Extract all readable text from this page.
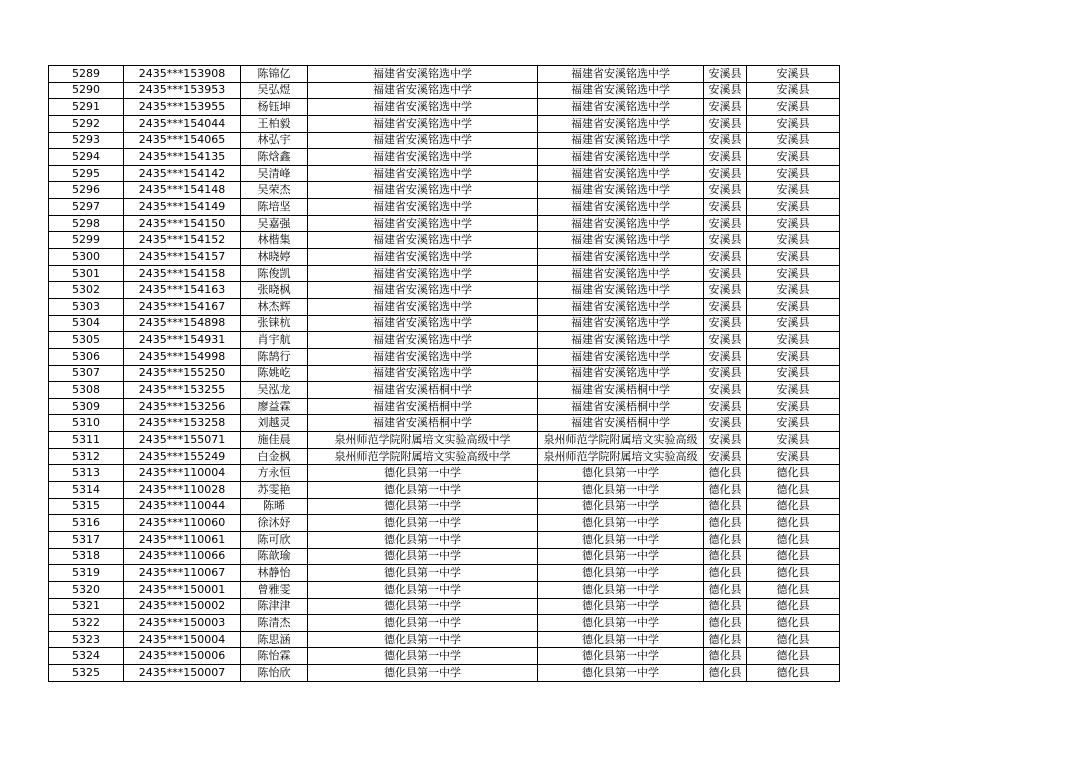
5289	2435***153908	陈锦亿	福建省安溪铭选中学	福建省安溪铭选中学	安溪县	安溪县
5290	2435***153953	吴弘煜	福建省安溪铭选中学	福建省安溪铭选中学	安溪县	安溪县
5291	2435***153955	杨钰坤	福建省安溪铭选中学	福建省安溪铭选中学	安溪县	安溪县
5292	2435***154044	王柏毅	福建省安溪铭选中学	福建省安溪铭选中学	安溪县	安溪县
5293	2435***154065	林弘宇	福建省安溪铭选中学	福建省安溪铭选中学	安溪县	安溪县
5294	2435***154135	陈焓鑫	福建省安溪铭选中学	福建省安溪铭选中学	安溪县	安溪县
5295	2435***154142	吴清峰	福建省安溪铭选中学	福建省安溪铭选中学	安溪县	安溪县
5296	2435***154148	吴荣杰	福建省安溪铭选中学	福建省安溪铭选中学	安溪县	安溪县
5297	2435***154149	陈培坚	福建省安溪铭选中学	福建省安溪铭选中学	安溪县	安溪县
5298	2435***154150	吴嘉强	福建省安溪铭选中学	福建省安溪铭选中学	安溪县	安溪县
5299	2435***154152	林楷集	福建省安溪铭选中学	福建省安溪铭选中学	安溪县	安溪县
5300	2435***154157	林晓婷	福建省安溪铭选中学	福建省安溪铭选中学	安溪县	安溪县
5301	2435***154158	陈俊凯	福建省安溪铭选中学	福建省安溪铭选中学	安溪县	安溪县
5302	2435***154163	张晓枫	福建省安溪铭选中学	福建省安溪铭选中学	安溪县	安溪县
5303	2435***154167	林杰辉	福建省安溪铭选中学	福建省安溪铭选中学	安溪县	安溪县
5304	2435***154898	张铼杭	福建省安溪铭选中学	福建省安溪铭选中学	安溪县	安溪县
5305	2435***154931	肖宇航	福建省安溪铭选中学	福建省安溪铭选中学	安溪县	安溪县
5306	2435***154998	陈鹄行	福建省安溪铭选中学	福建省安溪铭选中学	安溪县	安溪县
5307	2435***155250	陈姚屹	福建省安溪铭选中学	福建省安溪铭选中学	安溪县	安溪县
5308	2435***153255	吴泓龙	福建省安溪梧桐中学	福建省安溪梧桐中学	安溪县	安溪县
5309	2435***153256	廖益霖	福建省安溪梧桐中学	福建省安溪梧桐中学	安溪县	安溪县
5310	2435***153258	刘越灵	福建省安溪梧桐中学	福建省安溪梧桐中学	安溪县	安溪县
5311	2435***155071	施佳晨	泉州师范学院附属培文实验高级中学	泉州师范学院附属培文实验高级	安溪县	安溪县
5312	2435***155249	白金枫	泉州师范学院附属培文实验高级中学	泉州师范学院附属培文实验高级	安溪县	安溪县
5313	2435***110004	方永恒	德化县第一中学	德化县第一中学	德化县	德化县
5314	2435***110028	苏雯艳	德化县第一中学	德化县第一中学	德化县	德化县
5315	2435***110044	陈晞	德化县第一中学	德化县第一中学	德化县	德化县
5316	2435***110060	徐沐妤	德化县第一中学	德化县第一中学	德化县	德化县
5317	2435***110061	陈可欣	德化县第一中学	德化县第一中学	德化县	德化县
5318	2435***110066	陈歆瑜	德化县第一中学	德化县第一中学	德化县	德化县
5319	2435***110067	林静怡	德化县第一中学	德化县第一中学	德化县	德化县
5320	2435***150001	曾雅雯	德化县第一中学	德化县第一中学	德化县	德化县
5321	2435***150002	陈津津	德化县第一中学	德化县第一中学	德化县	德化县
5322	2435***150003	陈清杰	德化县第一中学	德化县第一中学	德化县	德化县
5323	2435***150004	陈思涵	德化县第一中学	德化县第一中学	德化县	德化县
5324	2435***150006	陈怡霖	德化县第一中学	德化县第一中学	德化县	德化县
5325	2435***150007	陈怡欣	德化县第一中学	德化县第一中学	德化县	德化县
